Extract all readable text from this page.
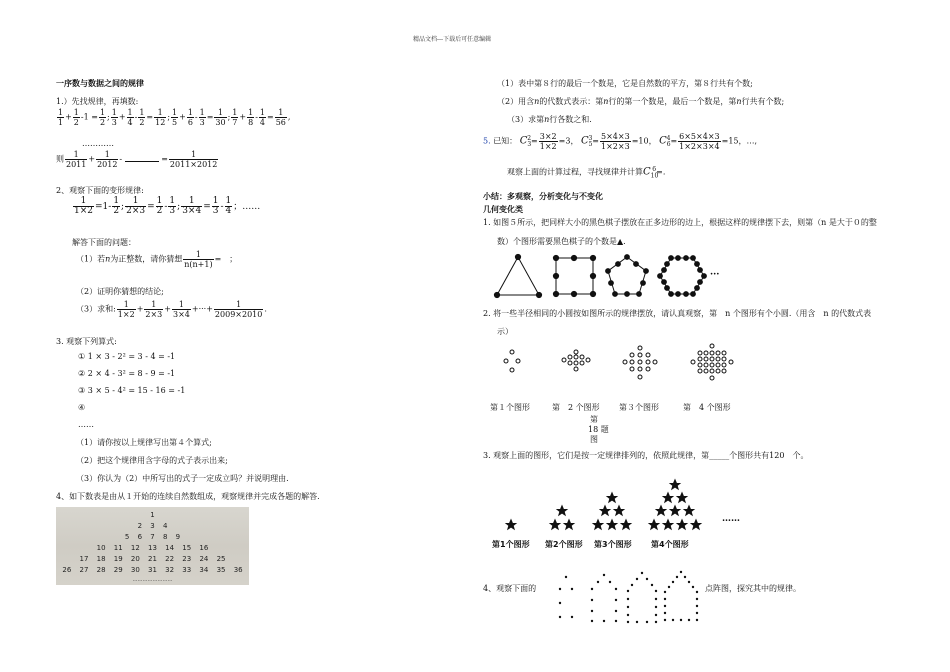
精品文档---下载后可任意编辑
一序数与数据之间的规律
1.）先找规律，再填数:
$\frac{1}{1} + \frac{1}{2} -1 = \frac{1}{2}$ ; $\frac{1}{3} + \frac{1}{4} - \frac{1}{2} = \frac{1}{12}$ ; $\frac{1}{5} + \frac{1}{6} - \frac{1}{3} = \frac{1}{30}$ ; $\frac{1}{7} + \frac{1}{8} - \frac{1}{4} = \frac{1}{56}$ ,
…………
则 $\frac{1}{2011} + \frac{1}{2012}$ -	= $\frac{1}{2011\times 2012}$
2、观察下面的变形规律:
$\frac{1}{1\times 2} =1- \frac{1}{2}$ ; $\frac{1}{2\times 3} = \frac{1}{2} - \frac{1}{3}$ ; $\frac{1}{3\times 4} = \frac{1}{3} - \frac{1}{4}$ ；……
解答下面的问题：
（1）若n为正整数，请你猜想 $\frac{1}{n(n+1)}$ =　 ；
（2）证明你猜想的结论;
（3）求和: $\frac{1}{1\times 2} + \frac{1}{2\times 3} + \frac{1}{3\times 4}$ +···+ $\frac{1}{2009\times 2010}$ .
3. 观察下列算式:
① 1 × 3 - 2² = 3 - 4 = -1
② 2 × 4 - 3² = 8 - 9 = -1
③ 3 × 5 - 4² = 15 - 16 = -1
④
……
（1）请你按以上规律写出第４个算式;
（2）把这个规律用含字母的式子表示出来;
（3）你认为（2）中所写出的式子一定成立吗？并说明理由.
4、如下数表是由从１开始的连续自然数组成，观察规律并完成各题的解答.
1
2 3 4
5 6 7 8 9
10 11 12 13 14 15 16
17 18 19 20 21 22 23 24 25
26 27 28 29 30 31 32 33 34 35 36
……………………
（1）表中第８行的最后一个数是，它是自然数的平方，第８行共有个数;
（2）用含n的代数式表示：第n行的第一个数是，最后一个数是，第n行共有个数;
（3）求第n行各数之和.
5. 已知： $C_3^2= \frac{3\times 2}{1\times 2} =3$， $C_5^3= \frac{5\times 4\times 3}{1\times 2\times 3} =10$， $C_6^4= \frac{6\times 5\times 4\times 3}{1\times 2\times 3\times 4} =15$，…,
观察上面的计算过程，寻找规律并计算$C_{10}^6=$.
小结：多观察，分析变化与不变化
几何变化类
1. 如图５所示，把同样大小的黑色棋子摆放在正多边形的边上，根据这样的规律摆下去，则第（n 是大于０的整
数）个图形需要黑色棋子的个数是▲.
···
2. 将一些半径相同的小圆按如图所示的规律摆放，请认真观察，第　n 个图形有个小圆.（用含　n 的代数式表
示）
第１个图形	第　2 个图形 第３个图形	第　4 个图形
第
18 题
图
3. 观察上面的图形，它们是按一定规律排列的，依照此规律，第_____个图形共有120　个。
……
第1个图形 第2个图形 第3个图形 第4个图形
4、观察下面的	点阵图，探究其中的规律。
